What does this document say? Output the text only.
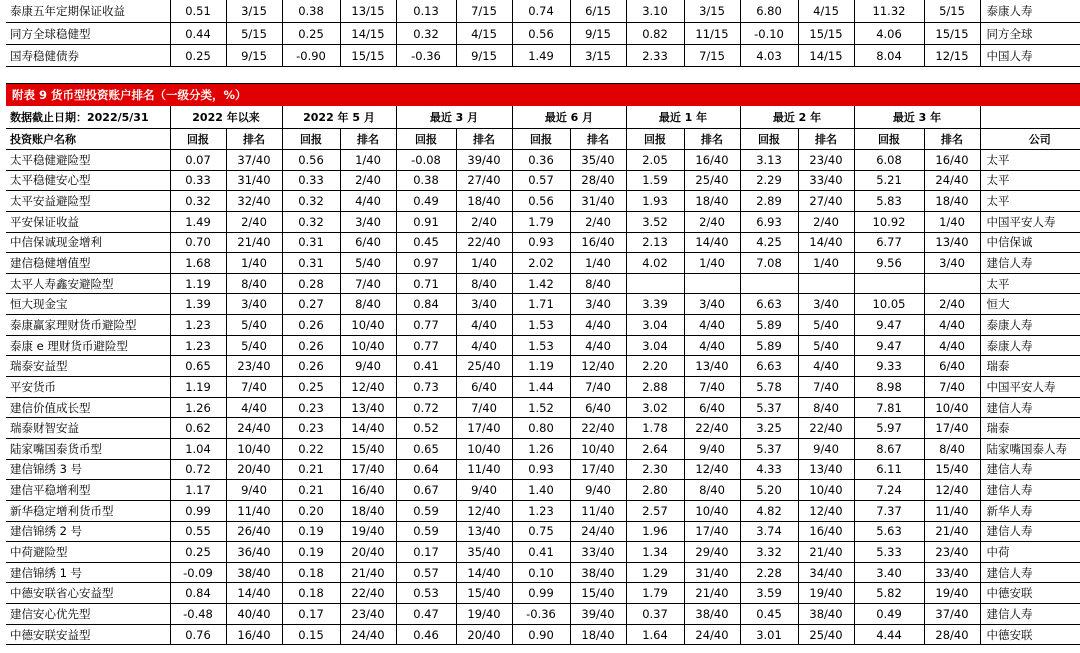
泰康五年定期保证收益	0.51	3/15	0.38	13/15	0.13	7/15	0.74	6/15	3.10	3/15	6.80	4/15	11.32	5/15	泰康人寿
同方全球稳健型	0.44	5/15	0.25	14/15	0.32	4/15	0.56	9/15	0.82	11/15	-0.10	15/15	4.06	15/15	同方全球
国寿稳健债券	0.25	9/15	-0.90	15/15	-0.36	9/15	1.49	3/15	2.33	7/15	4.03	14/15	8.04	12/15	中国人寿
附表 9 货币型投资账户排名（一级分类，%）															
数据截止日期：2022/5/31	2022 年以来		2022 年 5 月		最近 3 月		最近 6 月		最近 1 年		最近 2 年		最近 3 年		
投资账户名称	回报	排名	回报	排名	回报	排名	回报	排名	回报	排名	回报	排名	回报	排名	公司
太平稳健避险型	0.07	37/40	0.56	1/40	-0.08	39/40	0.36	35/40	2.05	16/40	3.13	23/40	6.08	16/40	太平
太平稳健安心型	0.33	31/40	0.33	2/40	0.38	27/40	0.57	28/40	1.59	25/40	2.29	33/40	5.21	24/40	太平
太平安益避险型	0.32	32/40	0.32	4/40	0.49	18/40	0.56	31/40	1.93	18/40	2.89	27/40	5.83	18/40	太平
平安保证收益	1.49	2/40	0.32	3/40	0.91	2/40	1.79	2/40	3.52	2/40	6.93	2/40	10.92	1/40	中国平安人寿
中信保诚现金增利	0.70	21/40	0.31	6/40	0.45	22/40	0.93	16/40	2.13	14/40	4.25	14/40	6.77	13/40	中信保诚
建信稳健增值型	1.68	1/40	0.31	5/40	0.97	1/40	2.02	1/40	4.02	1/40	7.08	1/40	9.56	3/40	建信人寿
太平人寿鑫安避险型	1.19	8/40	0.28	7/40	0.71	8/40	1.42	8/40							太平
恒大现金宝	1.39	3/40	0.27	8/40	0.84	3/40	1.71	3/40	3.39	3/40	6.63	3/40	10.05	2/40	恒大
泰康赢家理财货币避险型	1.23	5/40	0.26	10/40	0.77	4/40	1.53	4/40	3.04	4/40	5.89	5/40	9.47	4/40	泰康人寿
泰康 e 理财货币避险型	1.23	5/40	0.26	10/40	0.77	4/40	1.53	4/40	3.04	4/40	5.89	5/40	9.47	4/40	泰康人寿
瑞泰安益型	0.65	23/40	0.26	9/40	0.41	25/40	1.19	12/40	2.20	13/40	6.63	4/40	9.33	6/40	瑞泰
平安货币	1.19	7/40	0.25	12/40	0.73	6/40	1.44	7/40	2.88	7/40	5.78	7/40	8.98	7/40	中国平安人寿
建信价值成长型	1.26	4/40	0.23	13/40	0.72	7/40	1.52	6/40	3.02	6/40	5.37	8/40	7.81	10/40	建信人寿
瑞泰财智安益	0.62	24/40	0.23	14/40	0.52	17/40	0.80	22/40	1.78	22/40	3.25	22/40	5.97	17/40	瑞泰
陆家嘴国泰货币型	1.04	10/40	0.22	15/40	0.65	10/40	1.26	10/40	2.64	9/40	5.37	9/40	8.67	8/40	陆家嘴国泰人寿
建信锦绣 3 号	0.72	20/40	0.21	17/40	0.64	11/40	0.93	17/40	2.30	12/40	4.33	13/40	6.11	15/40	建信人寿
建信平稳增利型	1.17	9/40	0.21	16/40	0.67	9/40	1.40	9/40	2.80	8/40	5.20	10/40	7.24	12/40	建信人寿
新华稳定增利货币型	0.99	11/40	0.20	18/40	0.59	12/40	1.23	11/40	2.57	10/40	4.82	12/40	7.37	11/40	新华人寿
建信锦绣 2 号	0.55	26/40	0.19	19/40	0.59	13/40	0.75	24/40	1.96	17/40	3.74	16/40	5.63	21/40	建信人寿
中荷避险型	0.25	36/40	0.19	20/40	0.17	35/40	0.41	33/40	1.34	29/40	3.32	21/40	5.33	23/40	中荷
建信锦绣 1 号	-0.09	38/40	0.18	21/40	0.57	14/40	0.10	38/40	1.29	31/40	2.28	34/40	3.40	33/40	建信人寿
中德安联省心安益型	0.84	14/40	0.18	22/40	0.53	15/40	0.99	15/40	1.79	21/40	3.59	19/40	5.82	19/40	中德安联
建信安心优先型	-0.48	40/40	0.17	23/40	0.47	19/40	-0.36	39/40	0.37	38/40	0.45	38/40	0.49	37/40	建信人寿
中德安联安益型	0.76	16/40	0.15	24/40	0.46	20/40	0.90	18/40	1.64	24/40	3.01	25/40	4.44	28/40	中德安联
